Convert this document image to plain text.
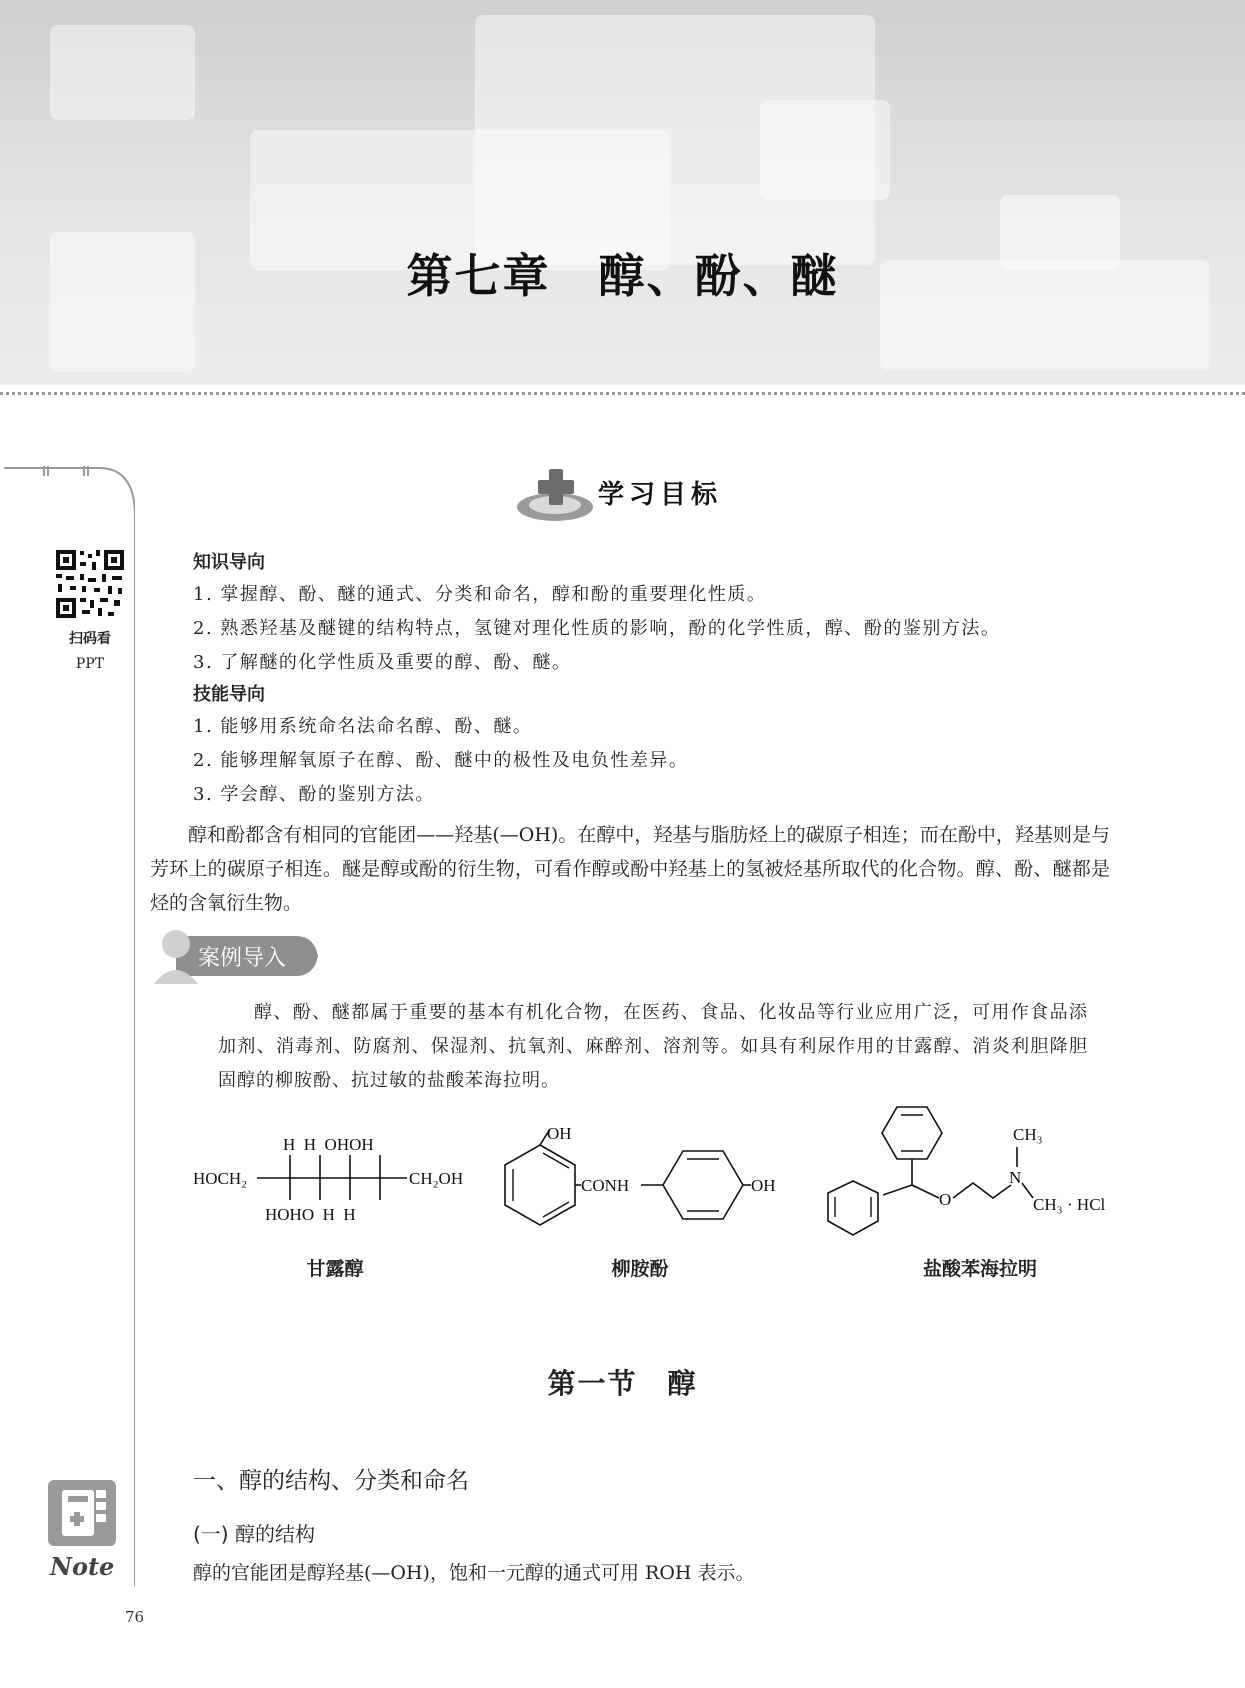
第七章　醇、酚、醚
扫码看
PPT
Note
76
学习目标
知识导向
1. 掌握醇、酚、醚的通式、分类和命名，醇和酚的重要理化性质。
2. 熟悉羟基及醚键的结构特点，氢键对理化性质的影响，酚的化学性质，醇、酚的鉴别方法。
3. 了解醚的化学性质及重要的醇、酚、醚。
技能导向
1. 能够用系统命名法命名醇、酚、醚。
2. 能够理解氧原子在醇、酚、醚中的极性及电负性差异。
3. 学会醇、酚的鉴别方法。
醇和酚都含有相同的官能团——羟基(—OH)。在醇中，羟基与脂肪烃上的碳原子相连；而在酚中，羟基则是与芳环上的碳原子相连。醚是醇或酚的衍生物，可看作醇或酚中羟基上的氢被烃基所取代的化合物。醇、酚、醚都是烃的含氧衍生物。
案例导入
醇、酚、醚都属于重要的基本有机化合物，在医药、食品、化妆品等行业应用广泛，可用作食品添加剂、消毒剂、防腐剂、保湿剂、抗氧剂、麻醉剂、溶剂等。如具有利尿作用的甘露醇、消炎利胆降胆固醇的柳胺酚、抗过敏的盐酸苯海拉明。
HOCH₂
H  H  OHOH
HOHO  H  H
CH₂OH
甘露醇
OH
CONH	OH
柳胺酚
O
N
CH₃
CH₃ · HCl
盐酸苯海拉明
第一节　醇
一、醇的结构、分类和命名
(一) 醇的结构
醇的官能团是醇羟基(—OH)，饱和一元醇的通式可用 ROH 表示。
